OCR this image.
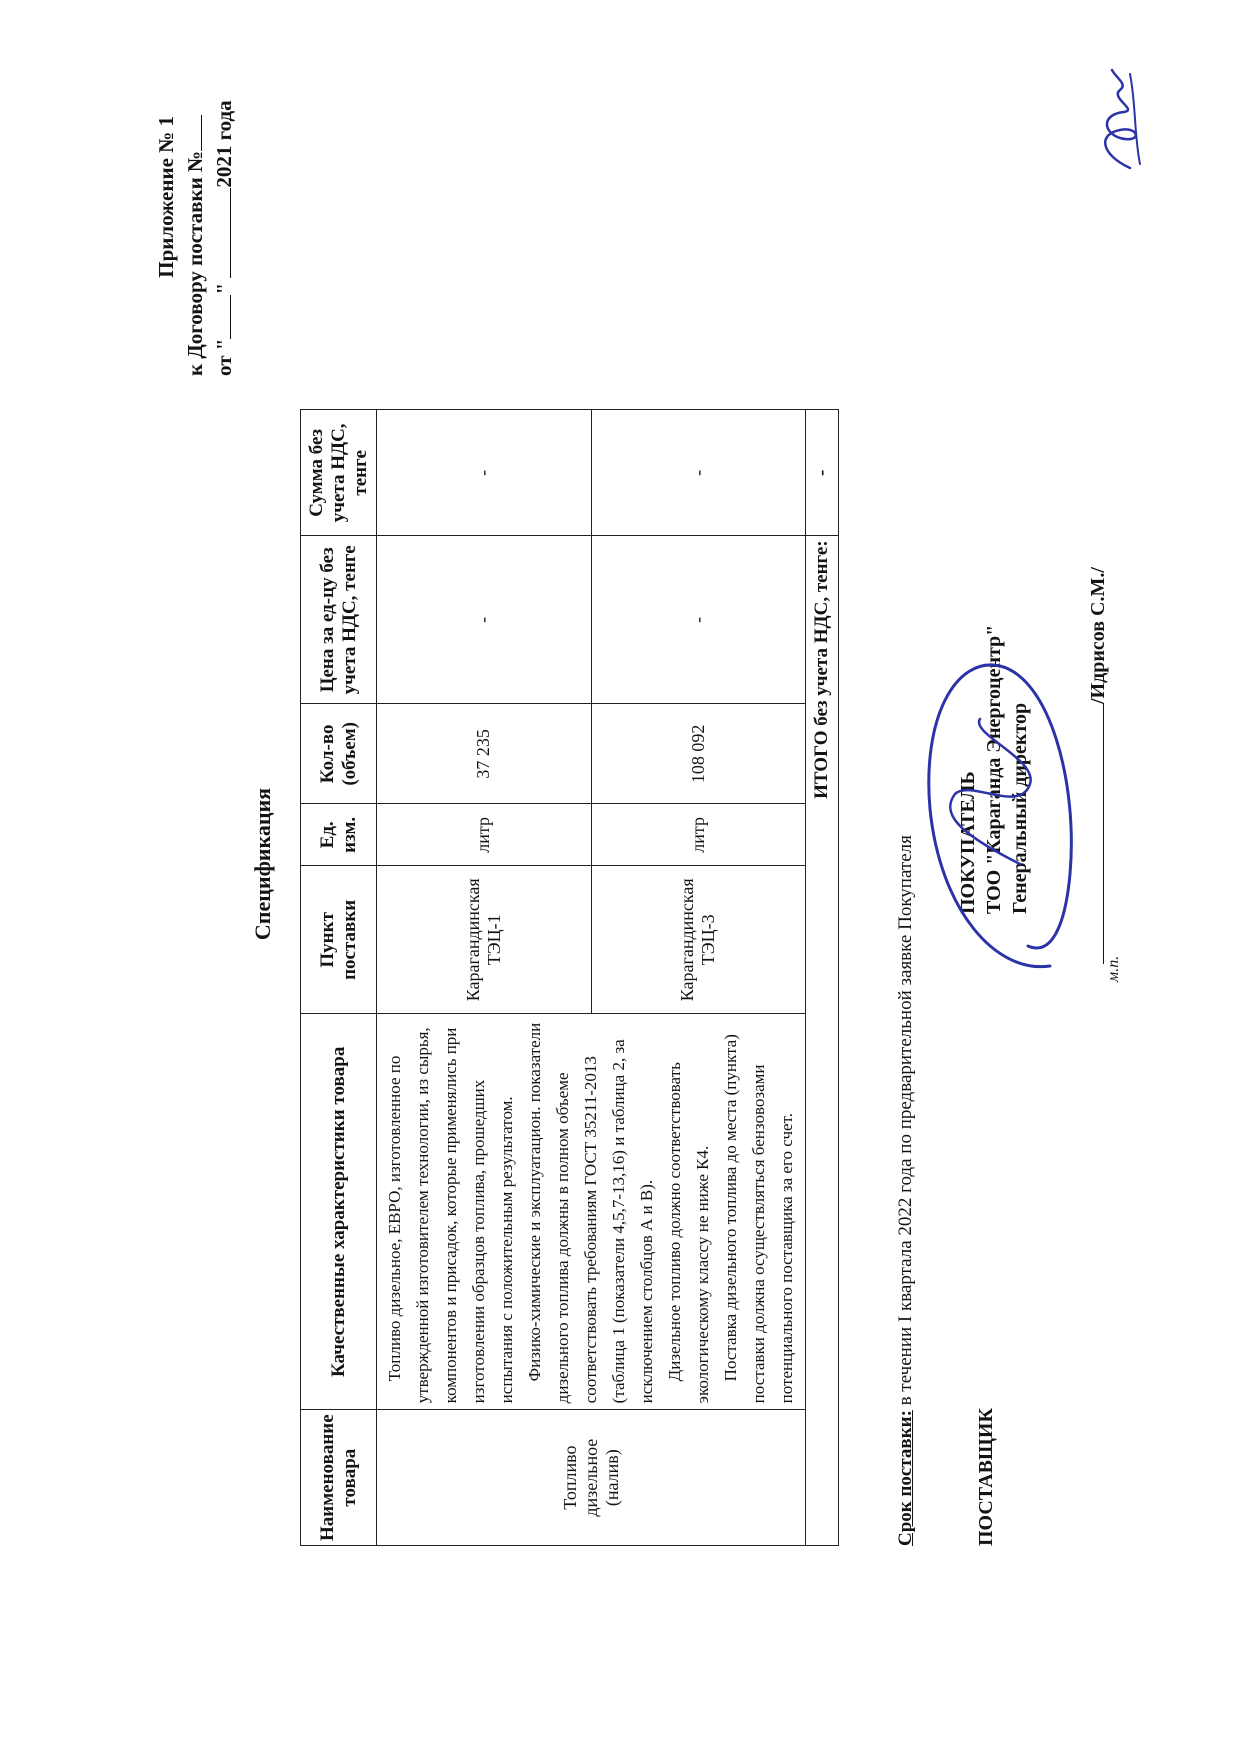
Приложение № 1 к Договору поставки № от "" 2021 года
Спецификация
Наименование товара	Качественные характеристики товара	Пункт поставки	Ед. изм.	Кол-во (объем)	Цена за ед-цу без учета НДС, тенге	Сумма без учета НДС, тенге
Топливо дизельное (налив)	Топливо дизельное, ЕВРО, изготовленное по утвержденной изготовителем технологии, из сырья, компонентов и присадок, которые применялись при изготовлении образцов топлива, прошедших испытания с положительным результатом. Физико-химические и эксплуатацион. показатели дизельного топлива должны в полном объеме соответствовать требованиям ГОСТ 35211-2013 (таблица 1 (показатели 4,5,7-13,16) и таблица 2, за исключением столбцов А и В). Дизельное топливо должно соответствовать экологическому классу не ниже К4. Поставка дизельного топлива до места (пункта) поставки должна осуществляться бензовозами потенциального поставщика за его счет.	Карагандинская ТЭЦ-1	литр	37 235	-	-
		Карагандинская ТЭЦ-3	литр	108 092	-	-
ИТОГО без учета НДС, тенге:						-
Срок поставки: в течении I квартала 2022 года по предварительной заявке Покупателя
ПОСТАВЩИК
ПОКУПАТЕЛЬ ТОО "Караганда Энергоцентр" Генеральный директор
/Идрисов С.М./
м.п.
